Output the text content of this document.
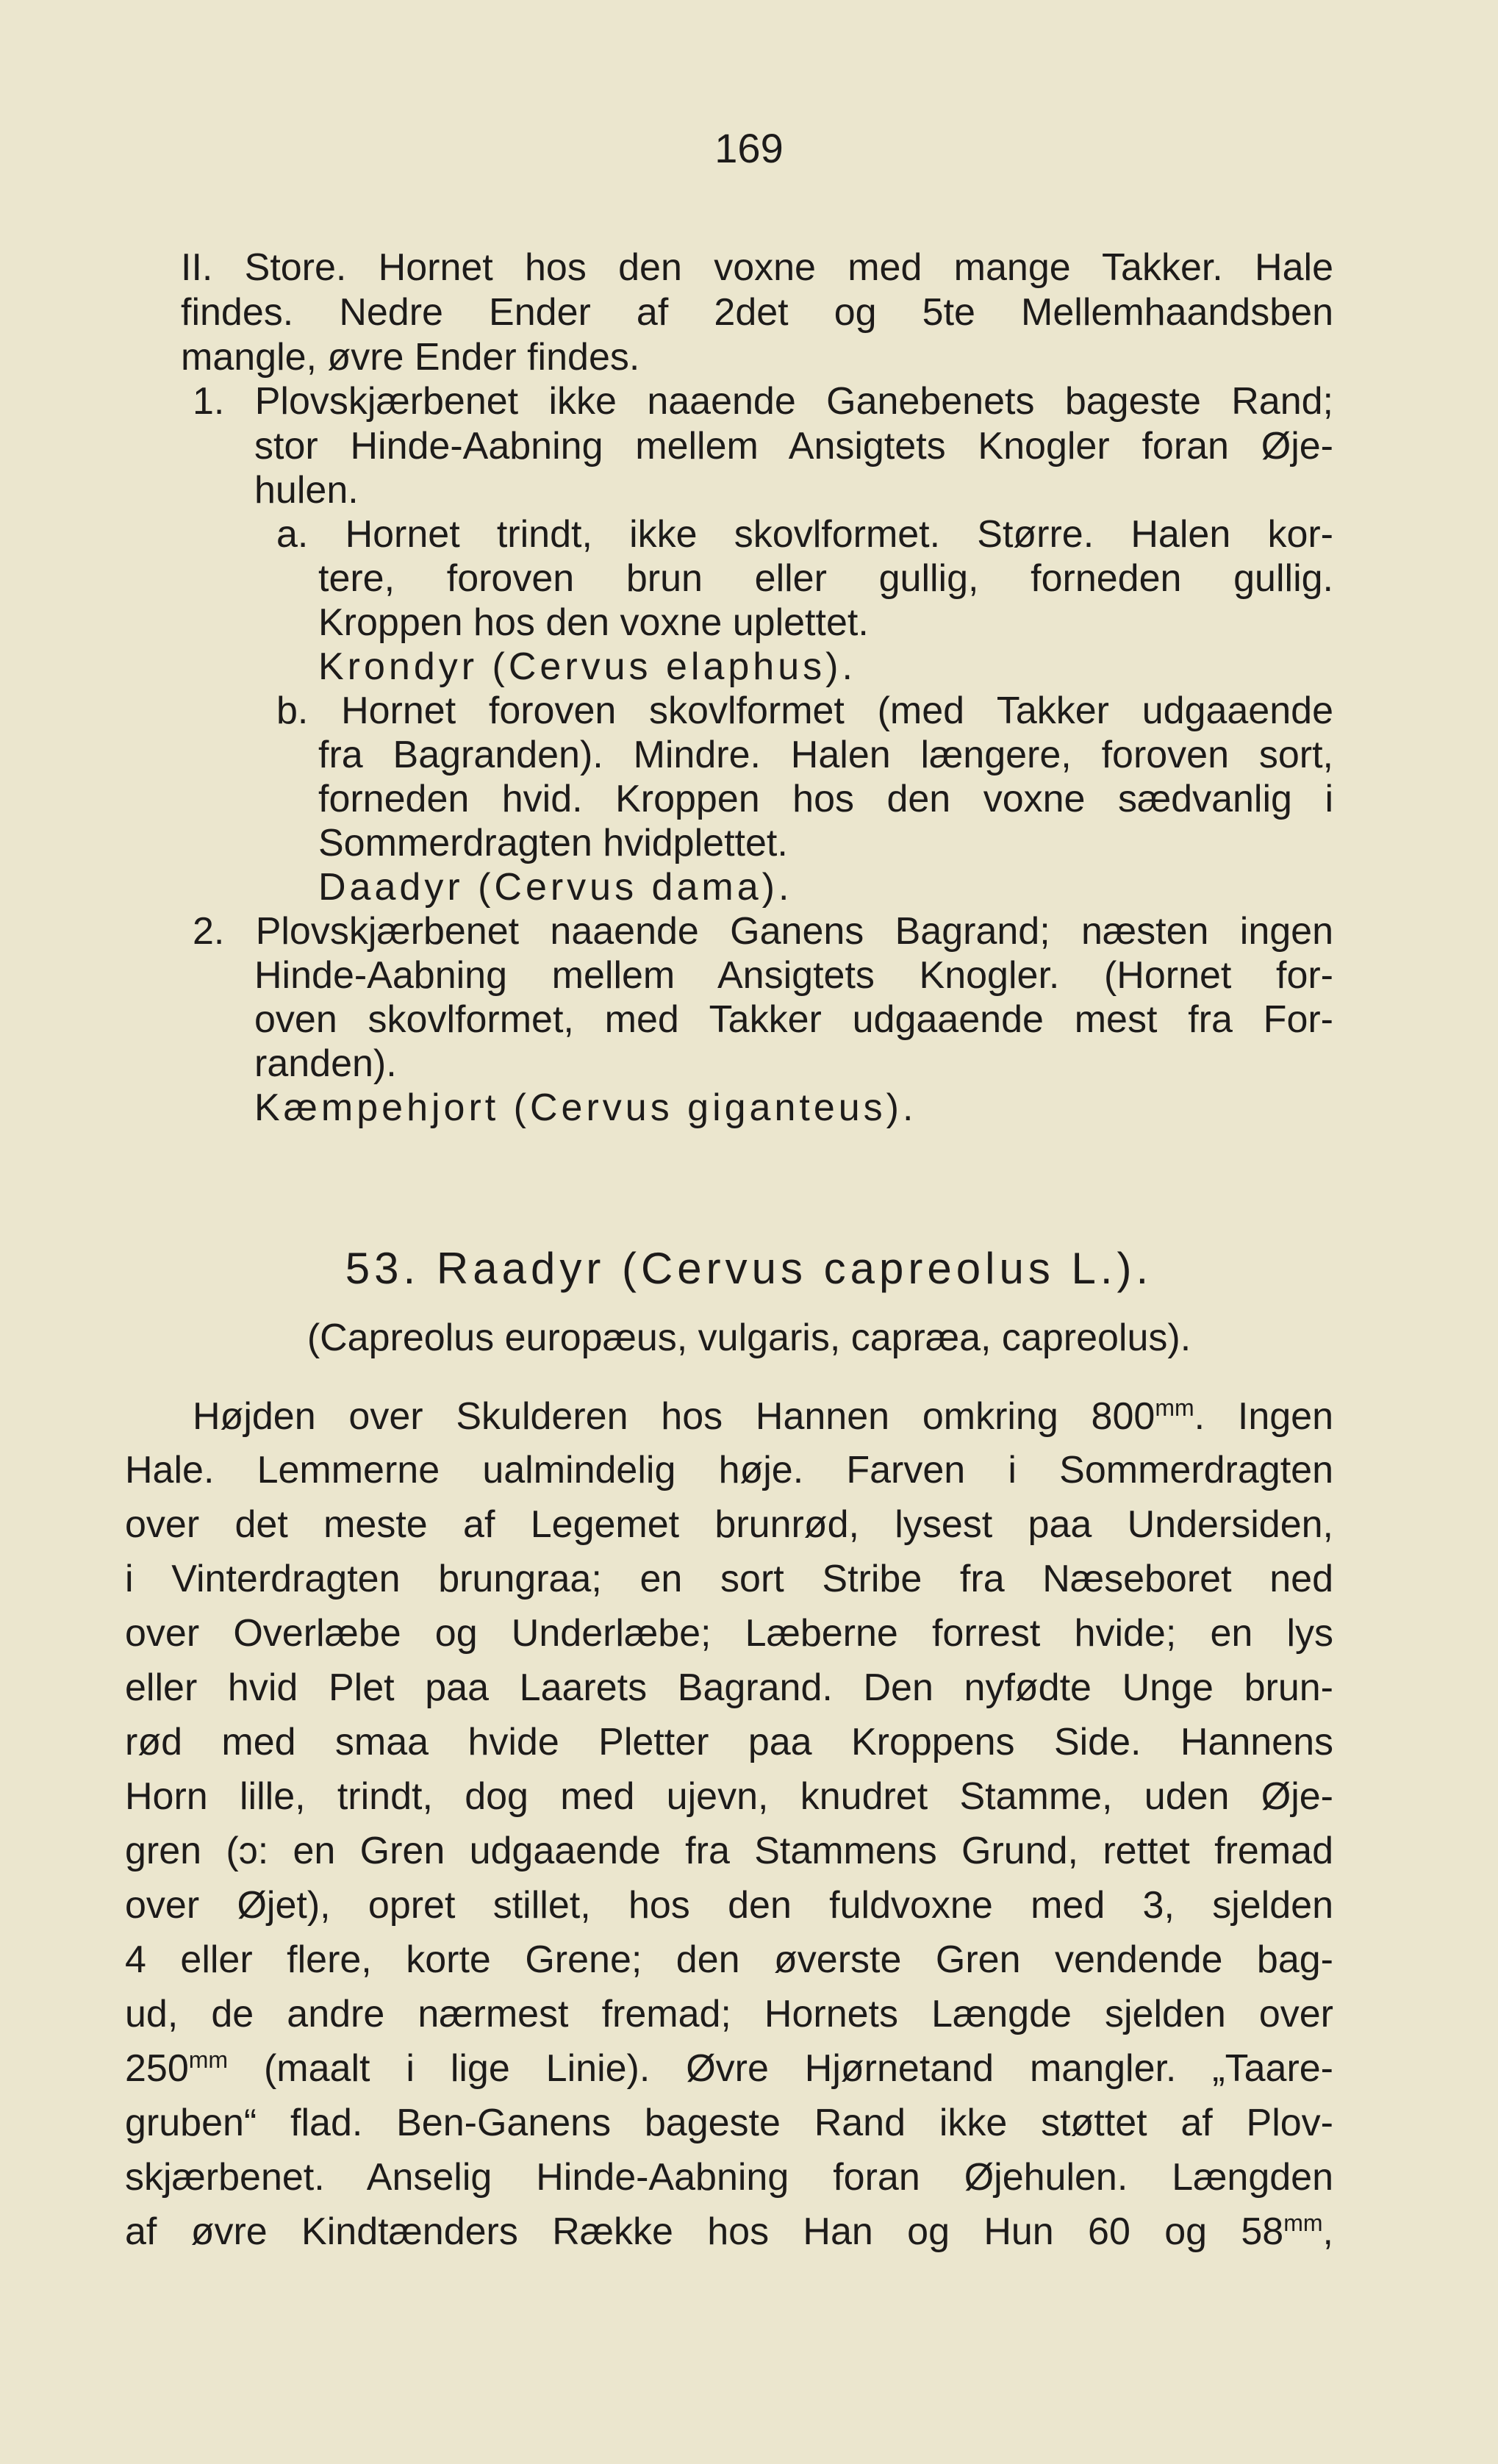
169
II. Store. Hornet hos den voxne med mange Takker. Hale
findes. Nedre Ender af 2det og 5te Mellemhaandsben
mangle, øvre Ender findes.
1. Plovskjærbenet ikke naaende Ganebenets bageste Rand;
stor Hinde-Aabning mellem Ansigtets Knogler foran Øje-
hulen.
a. Hornet trindt, ikke skovlformet. Større. Halen kor-
tere, foroven brun eller gullig, forneden gullig.
Kroppen hos den voxne uplettet.
Krondyr (Cervus elaphus).
b. Hornet foroven skovlformet (med Takker udgaaende
fra Bagranden). Mindre. Halen længere, foroven sort,
forneden hvid. Kroppen hos den voxne sædvanlig i
Sommerdragten hvidplettet.
Daadyr (Cervus dama).
2. Plovskjærbenet naaende Ganens Bagrand; næsten ingen
Hinde-Aabning mellem Ansigtets Knogler. (Hornet for-
oven skovlformet, med Takker udgaaende mest fra For-
randen).
Kæmpehjort (Cervus giganteus).
53. Raadyr (Cervus capreolus L.).
(Capreolus europæus, vulgaris, capræa, capreolus).
Højden over Skulderen hos Hannen omkring $800^{mm}$. Ingen
Hale. Lemmerne ualmindelig høje. Farven i Sommerdragten
over det meste af Legemet brunrød, lysest paa Undersiden,
i Vinterdragten brungraa; en sort Stribe fra Næseboret ned
over Overlæbe og Underlæbe; Læberne forrest hvide; en lys
eller hvid Plet paa Laarets Bagrand. Den nyfødte Unge brun-
rød med smaa hvide Pletter paa Kroppens Side. Hannens
Horn lille, trindt, dog med ujevn, knudret Stamme, uden Øje-
gren (ɔ: en Gren udgaaende fra Stammens Grund, rettet fremad
over Øjet), opret stillet, hos den fuldvoxne med 3, sjelden
4 eller flere, korte Grene; den øverste Gren vendende bag-
ud, de andre nærmest fremad; Hornets Længde sjelden over
$250^{mm}$ (maalt i lige Linie). Øvre Hjørnetand mangler. „Taare-
gruben“ flad. Ben-Ganens bageste Rand ikke støttet af Plov-
skjærbenet. Anselig Hinde-Aabning foran Øjehulen. Længden
af øvre Kindtænders Række hos Han og Hun 60 og $58^{mm}$,
